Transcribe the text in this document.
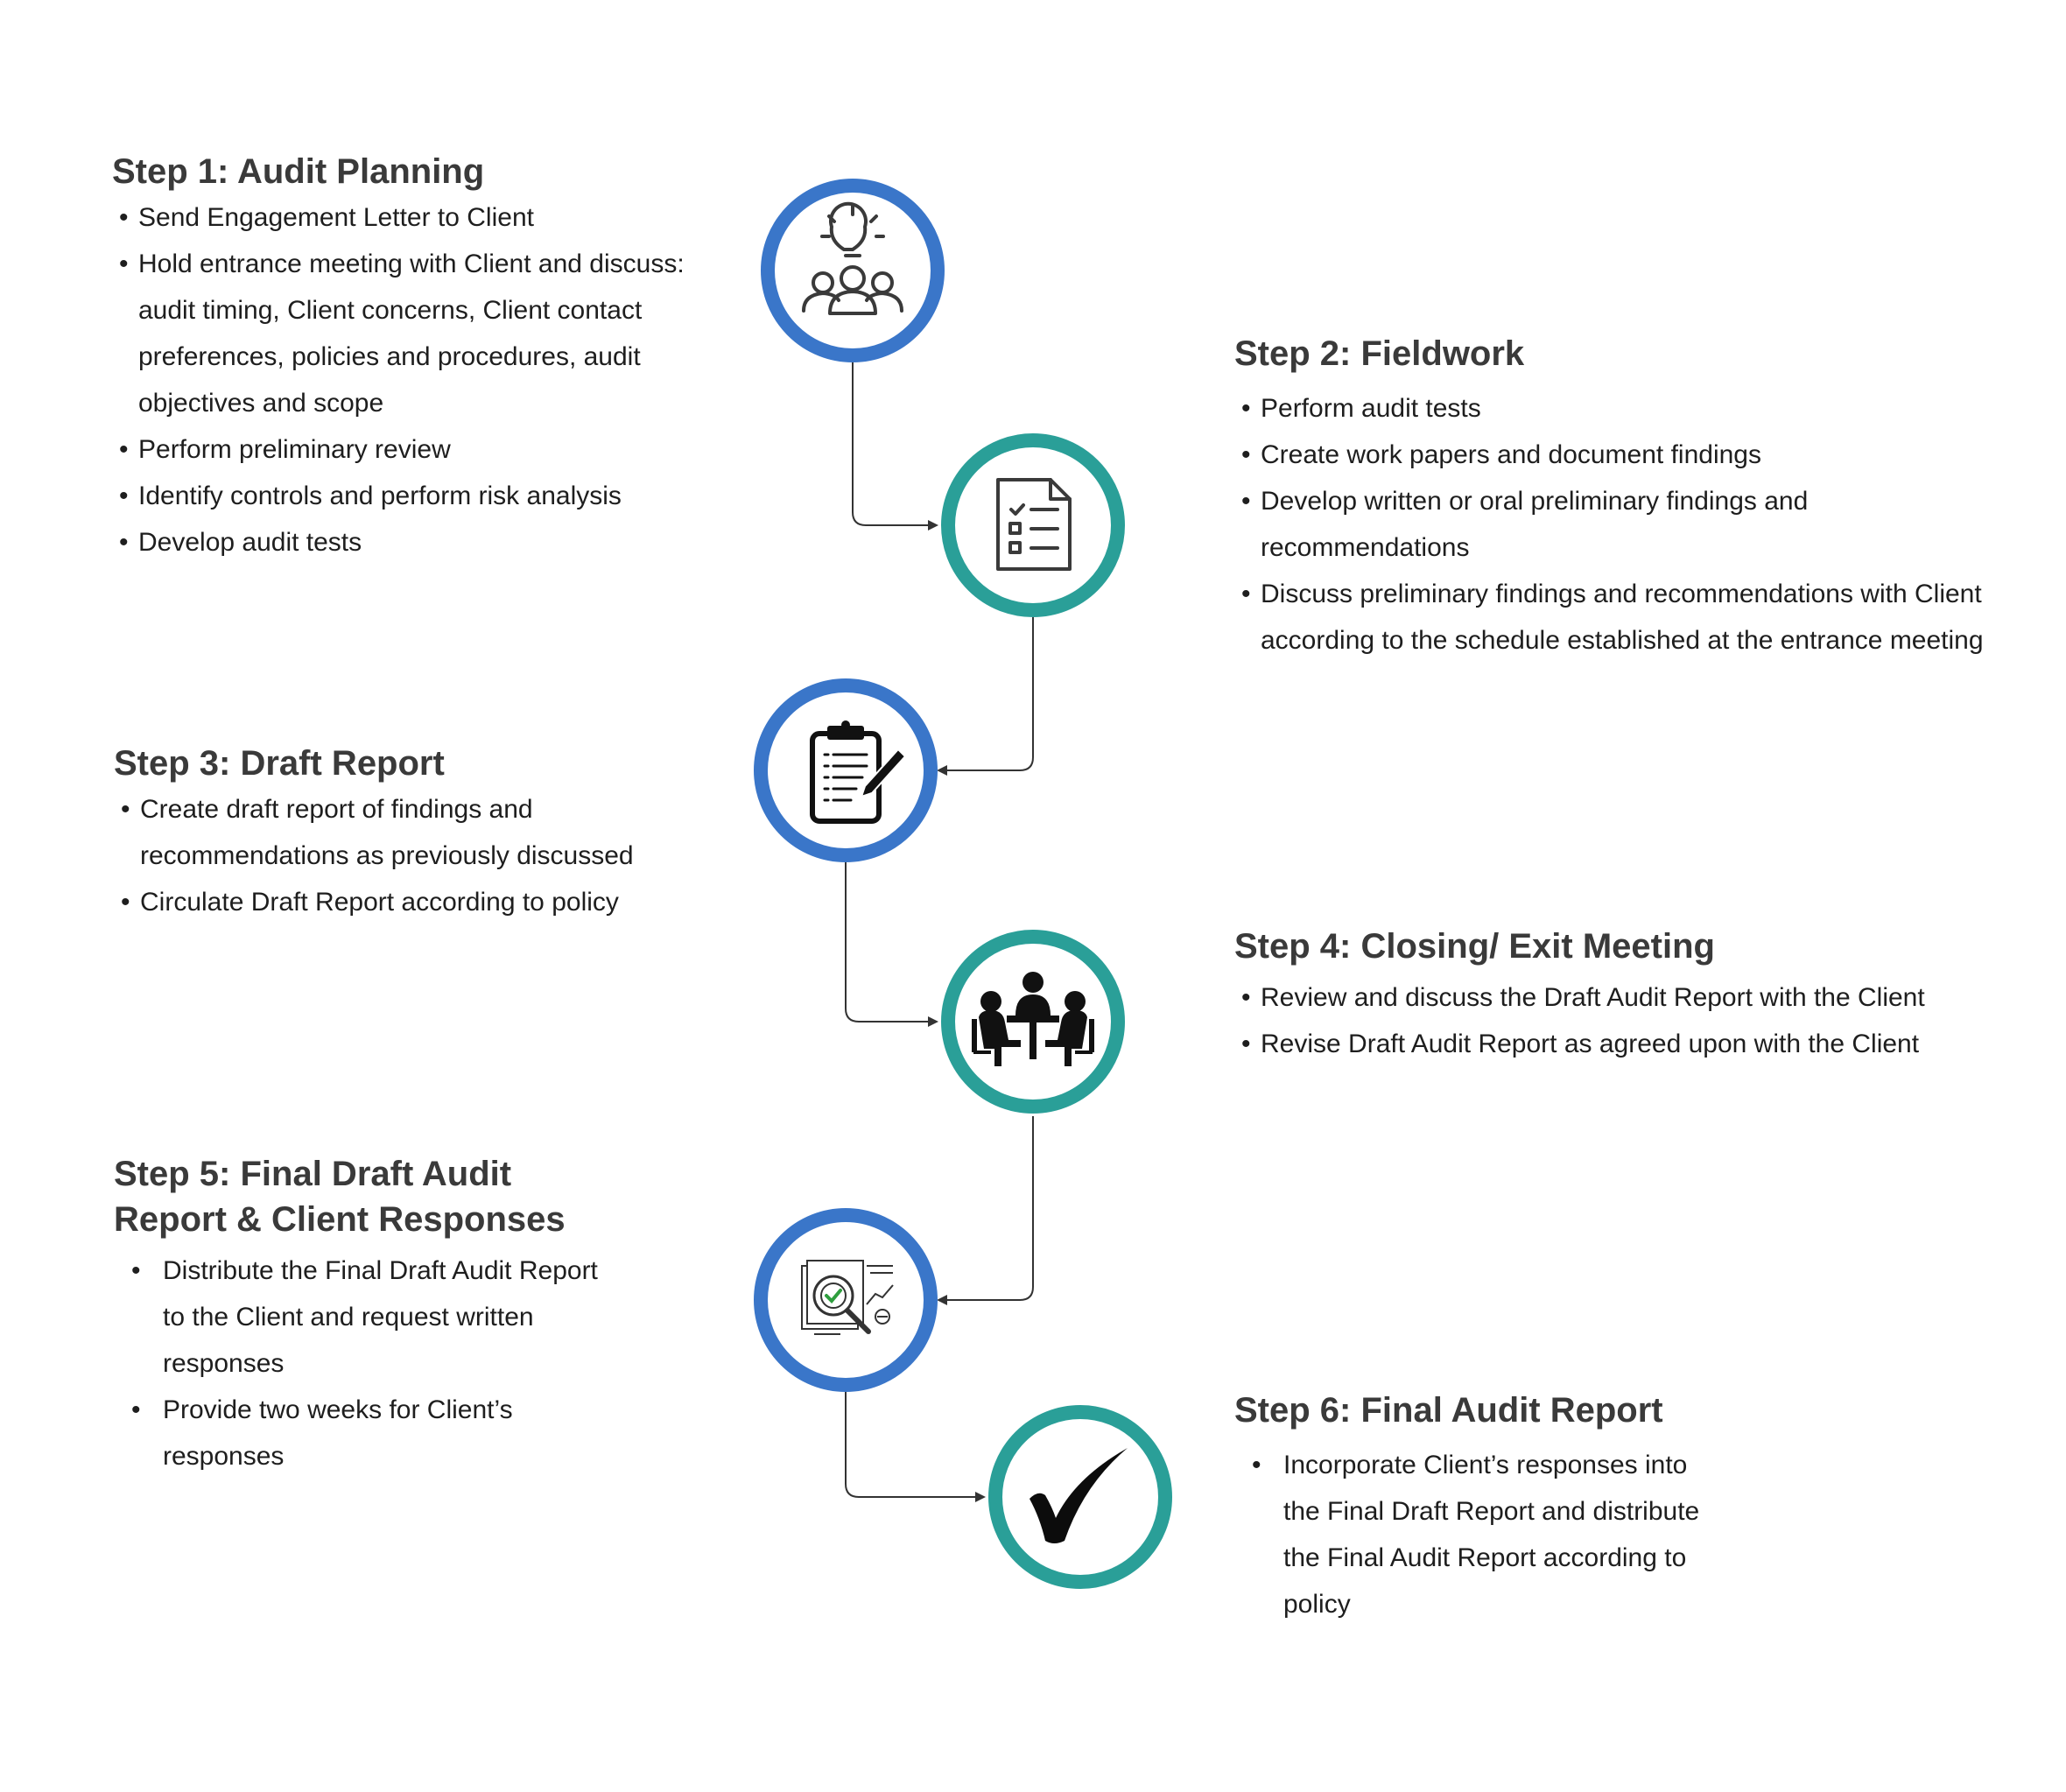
Step 1: Audit Planning
• Send Engagement Letter to Client
• Hold entrance meeting with Client and discuss:
audit timing, Client concerns, Client contact
preferences, policies and procedures, audit
objectives and scope
• Perform preliminary review
• Identify controls and perform risk analysis
• Develop audit tests
Step 2: Fieldwork
• Perform audit tests
• Create work papers and document findings
• Develop written or oral preliminary findings and
recommendations
• Discuss preliminary findings and recommendations with Client
according to the schedule established at the entrance meeting
Step 3: Draft Report
• Create draft report of findings and
recommendations as previously discussed
• Circulate Draft Report according to policy
Step 4: Closing/ Exit Meeting
• Review and discuss the Draft Audit Report with the Client
• Revise Draft Audit Report as agreed upon with the Client
Step 5: Final Draft Audit
Report & Client Responses
• Distribute the Final Draft Audit Report
to the Client and request written
responses
• Provide two weeks for Client’s
responses
Step 6: Final Audit Report
• Incorporate Client’s responses into
the Final Draft Report and distribute
the Final Audit Report according to
policy
